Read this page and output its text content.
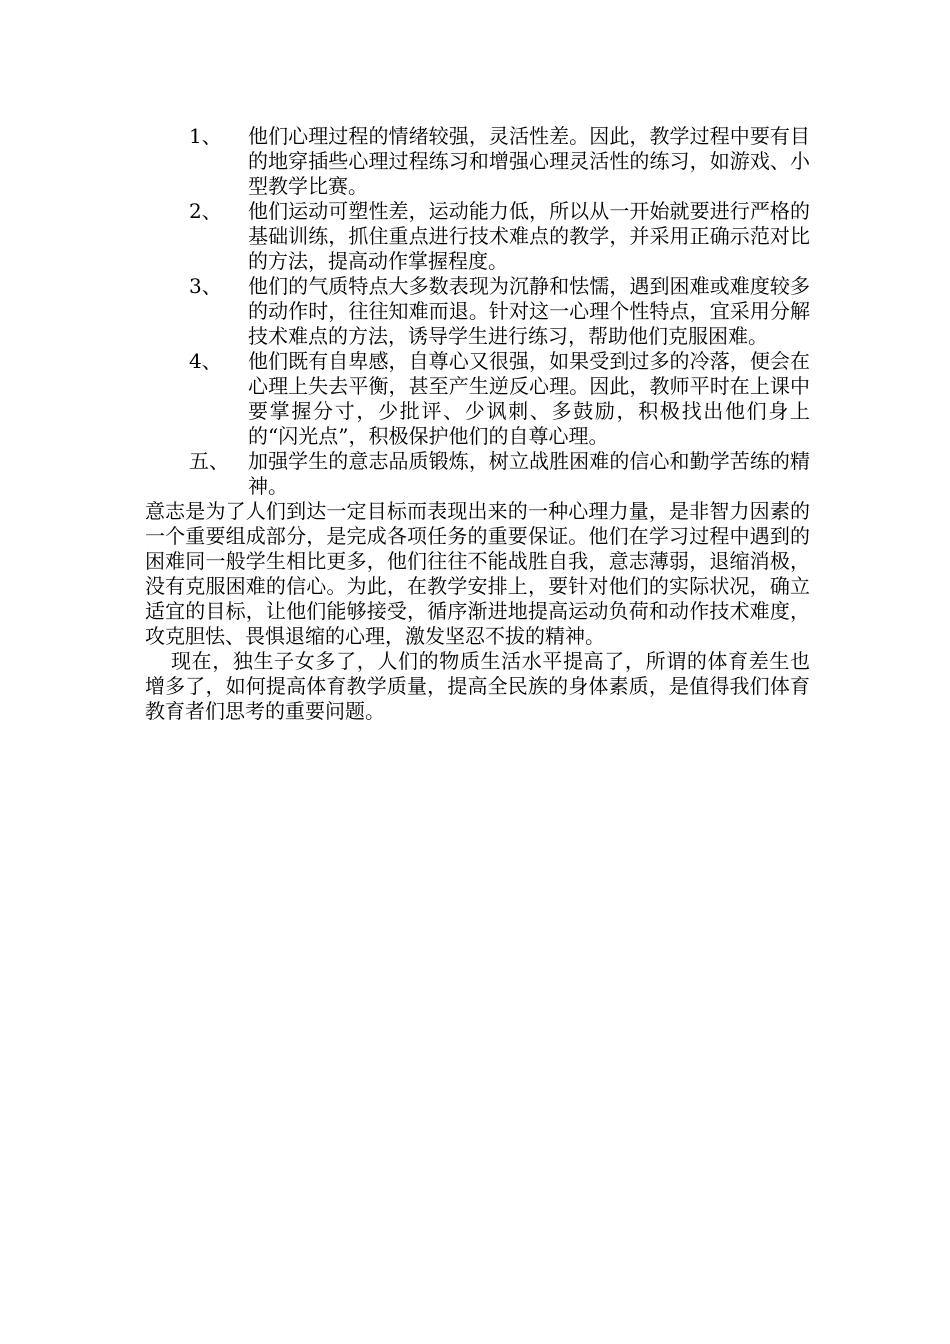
1、	他们心理过程的情绪较强，灵活性差。因此，教学过程中要有目的地穿插些心理过程练习和增强心理灵活性的练习，如游戏、小型教学比赛。
2、	他们运动可塑性差，运动能力低，所以从一开始就要进行严格的基础训练，抓住重点进行技术难点的教学，并采用正确示范对比的方法，提高动作掌握程度。
3、	他们的气质特点大多数表现为沉静和怯懦，遇到困难或难度较多的动作时，往往知难而退。针对这一心理个性特点，宜采用分解技术难点的方法，诱导学生进行练习，帮助他们克服困难。
4、	他们既有自卑感，自尊心又很强，如果受到过多的冷落，便会在心理上失去平衡，甚至产生逆反心理。因此，教师平时在上课中要掌握分寸，少批评、少讽刺、多鼓励，积极找出他们身上的“闪光点”，积极保护他们的自尊心理。
五、 加强学生的意志品质锻炼，树立战胜困难的信心和勤学苦练的精神。

意志是为了人们到达一定目标而表现出来的一种心理力量，是非智力因素的一个重要组成部分，是完成各项任务的重要保证。他们在学习过程中遇到的困难同一般学生相比更多，他们往往不能战胜自我，意志薄弱，退缩消极，没有克服困难的信心。为此，在教学安排上，要针对他们的实际状况，确立适宜的目标，让他们能够接受，循序渐进地提高运动负荷和动作技术难度，攻克胆怯、畏惧退缩的心理，激发坚忍不拔的精神。

现在，独生子女多了，人们的物质生活水平提高了，所谓的体育差生也增多了，如何提高体育教学质量，提高全民族的身体素质，是值得我们体育教育者们思考的重要问题。
